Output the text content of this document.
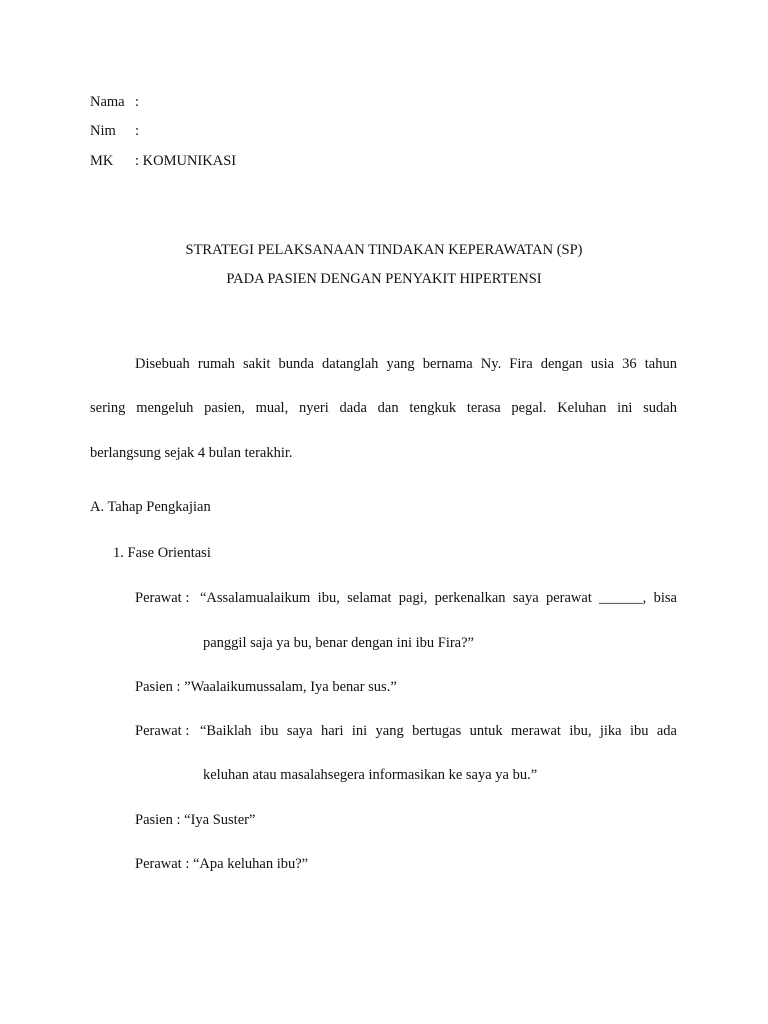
Nama :
Nim :
MK : KOMUNIKASI
STRATEGI PELAKSANAAN TINDAKAN KEPERAWATAN (SP)
PADA PASIEN DENGAN PENYAKIT HIPERTENSI
Disebuah rumah sakit bunda datanglah yang bernama Ny. Fira dengan usia 36 tahun
sering mengeluh pasien, mual, nyeri dada dan tengkuk terasa pegal. Keluhan ini sudah
berlangsung sejak 4 bulan terakhir.
A. Tahap Pengkajian
1. Fase Orientasi
Perawat : “Assalamualaikum ibu, selamat pagi, perkenalkan saya perawat ______, bisa
panggil saja ya bu, benar dengan ini ibu Fira?”
Pasien : ”Waalaikumussalam, Iya benar sus.”
Perawat : “Baiklah ibu saya hari ini yang bertugas untuk merawat ibu, jika ibu ada
keluhan atau masalahsegera informasikan ke saya ya bu.”
Pasien : “Iya Suster”
Perawat : “Apa keluhan ibu?”
